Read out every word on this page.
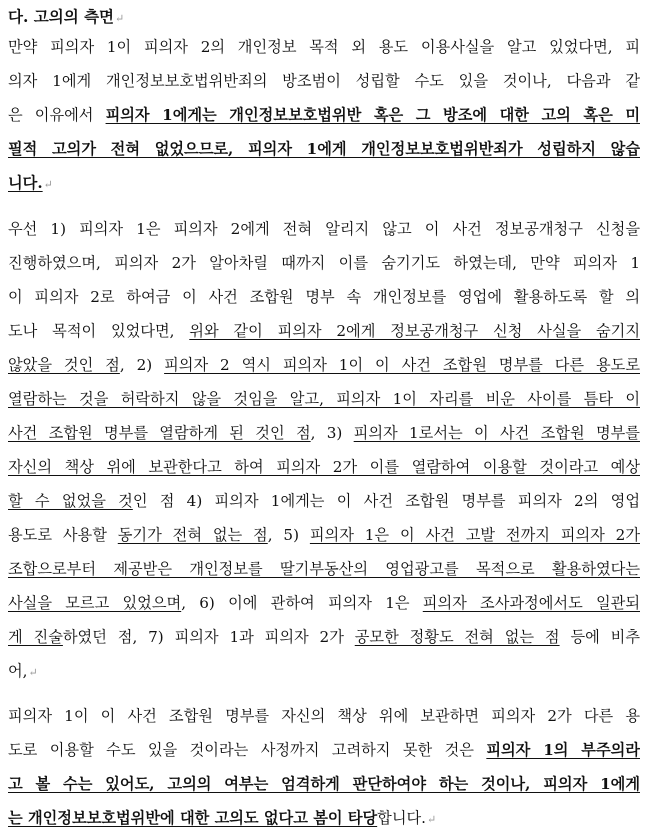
다. 고의의 측면↵
만약 피의자 1이 피의자 2의 개인정보 목적 외 용도 이용사실을 알고 있었다면, 피
의자 1에게 개인정보보호법위반죄의 방조범이 성립할 수도 있을 것이나, 다음과 같
은 이유에서 피의자 1에게는 개인정보보호법위반 혹은 그 방조에 대한 고의 혹은 미
필적 고의가 전혀 없었으므로, 피의자 1에게 개인정보보호법위반죄가 성립하지 않습
니다.↵
우선 1) 피의자 1은 피의자 2에게 전혀 알리지 않고 이 사건 정보공개청구 신청을
진행하였으며, 피의자 2가 알아차릴 때까지 이를 숨기기도 하였는데, 만약 피의자 1
이 피의자 2로 하여금 이 사건 조합원 명부 속 개인정보를 영업에 활용하도록 할 의
도나 목적이 있었다면, 위와 같이 피의자 2에게 정보공개청구 신청 사실을 숨기지
않았을 것인 점, 2) 피의자 2 역시 피의자 1이 이 사건 조합원 명부를 다른 용도로
열람하는 것을 허락하지 않을 것임을 알고, 피의자 1이 자리를 비운 사이를 틈타 이
사건 조합원 명부를 열람하게 된 것인 점, 3) 피의자 1로서는 이 사건 조합원 명부를
자신의 책상 위에 보관한다고 하여 피의자 2가 이를 열람하여 이용할 것이라고 예상
할 수 없었을 것인 점 4) 피의자 1에게는 이 사건 조합원 명부를 피의자 2의 영업
용도로 사용할 동기가 전혀 없는 점, 5) 피의자 1은 이 사건 고발 전까지 피의자 2가
조합으로부터 제공받은 개인정보를 딸기부동산의 영업광고를 목적으로 활용하였다는
사실을 모르고 있었으며, 6) 이에 관하여 피의자 1은 피의자 조사과정에서도 일관되
게 진술하였던 점, 7) 피의자 1과 피의자 2가 공모한 정황도 전혀 없는 점 등에 비추
어,↵
피의자 1이 이 사건 조합원 명부를 자신의 책상 위에 보관하면 피의자 2가 다른 용
도로 이용할 수도 있을 것이라는 사정까지 고려하지 못한 것은 피의자 1의 부주의라
고 볼 수는 있어도, 고의의 여부는 엄격하게 판단하여야 하는 것이나, 피의자 1에게
는 개인정보보호법위반에 대한 고의도 없다고 봄이 타당합니다.↵
